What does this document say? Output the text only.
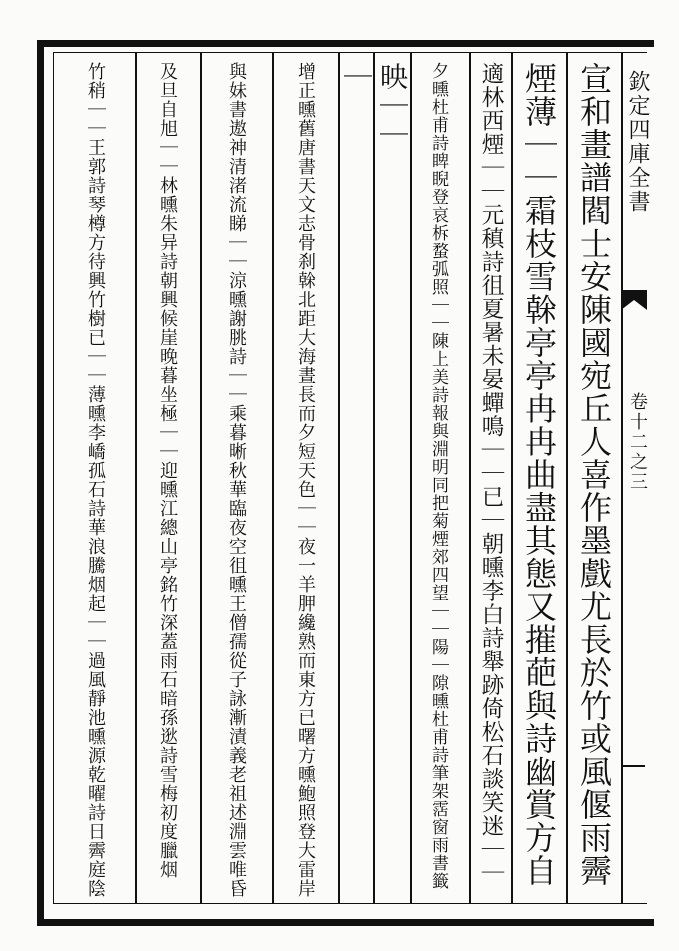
欽定四庫全書
卷十二之三
宣和畫譜閻士安陳國宛丘人喜作墨戲尤長於竹或風偃雨霽
煙薄｜｜霜枝雪榦亭亭冉冉曲盡其態又摧葩與詩幽賞方自
適林西煙｜｜元稹詩徂夏暑未晏蟬鳴｜｜已｜朝曛李白詩舉跡倚松石談笑迷｜｜
夕曛杜甫詩睥睨登哀柝蝥弧照｜｜陳上美詩報與淵明同把菊煙郊四望｜｜陽｜隙曛杜甫詩筆架霑窗雨書籤
映｜｜
｜
增正曛舊唐書天文志骨刹榦北距大海晝長而夕短天色｜｜夜一羊胛纔熟而東方已曙方曛鮑照登大雷岸
與妹書遨神清渚流睇｜｜涼曛謝朓詩｜｜乘暮晰秋華臨夜空徂曛王僧孺從子詠漸漬義老祖述淵雲唯昏
及旦自旭｜｜林曛朱异詩朝興候崖晚暮坐極｜｜迎曛江總山亭銘竹深蓋雨石暗孫逖詩雪梅初度臘烟
竹稍｜｜王郭詩琴樽方待興竹樹已｜｜薄曛李嶠孤石詩華浪騰烟起｜｜過風靜池曛源乾曜詩日霽庭陰
